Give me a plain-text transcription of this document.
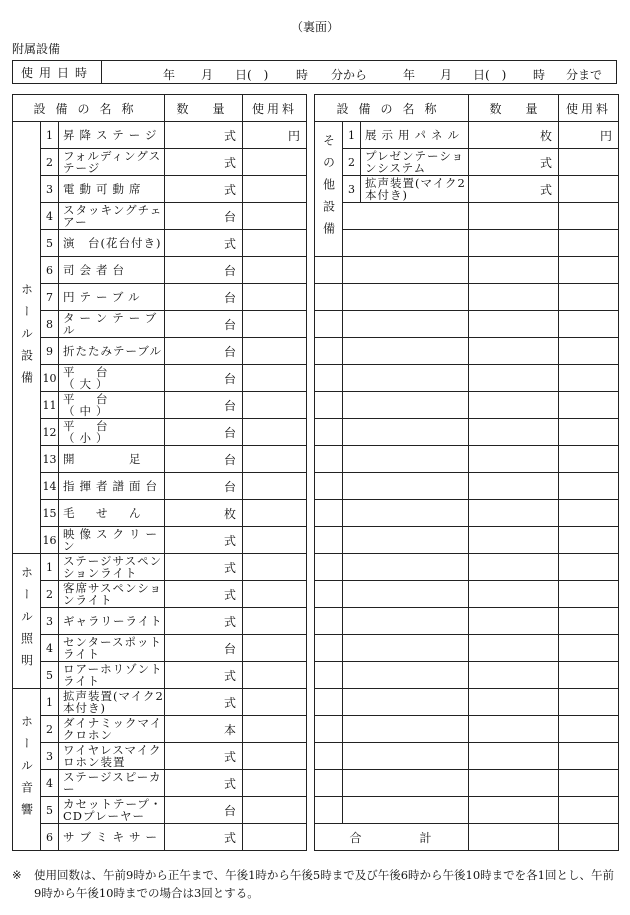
（裏面）
附属設備
使用日時	年 月 日(　) 時 分から	年 月 日(　) 時 分まで
設備の名称			数　　量	使用料		設備の名称			数　　量	使用料

ホール設備	1	昇降ステージ	式	円		その他設備	1	展示用パネル	枚	円
	2	フォルディングステージ	式				2	プレゼンテーションシステム	式	
	3	電動可動席	式				3	拡声装置(マイク2本付き)	式	
	4	スタッキングチェアー	台							
	5	演　台(花台付き)	式							
	6	司会者台	台							
	7	円テーブル	台							
	8	ターンテーブル	台							
	9	折たたみテーブル	台							
	10	平　台　（大）	台							
	11	平　台　（中）	台							
	12	平　台　（小）	台							
	13	開　　　足	台							
	14	指揮者譜面台	台							
	15	毛　せ　ん	枚							
	16	映像スクリーン	式							

ホール照明	1	ステージサスペンションライト	式							
	2	客席サスペンションライト	式							
	3	ギャラリーライト	式							
	4	センタースポットライト	台							
	5	ロアーホリゾントライト	式							

ホール音響	1	拡声装置(マイク2本付き)	式							
	2	ダイナミックマイクロホン	本							
	3	ワイヤレスマイクロホン装置	式							
	4	ステージスピーカー	式							
	5	カセットテープ・CDプレーヤー	台							
	6	サブミキサー	式			合　　　　計				
※ 使用回数は、午前9時から正午まで、午後1時から午後5時まで及び午後6時から午後10時までを各1回とし、午前9時から午後10時までの場合は3回とする。
